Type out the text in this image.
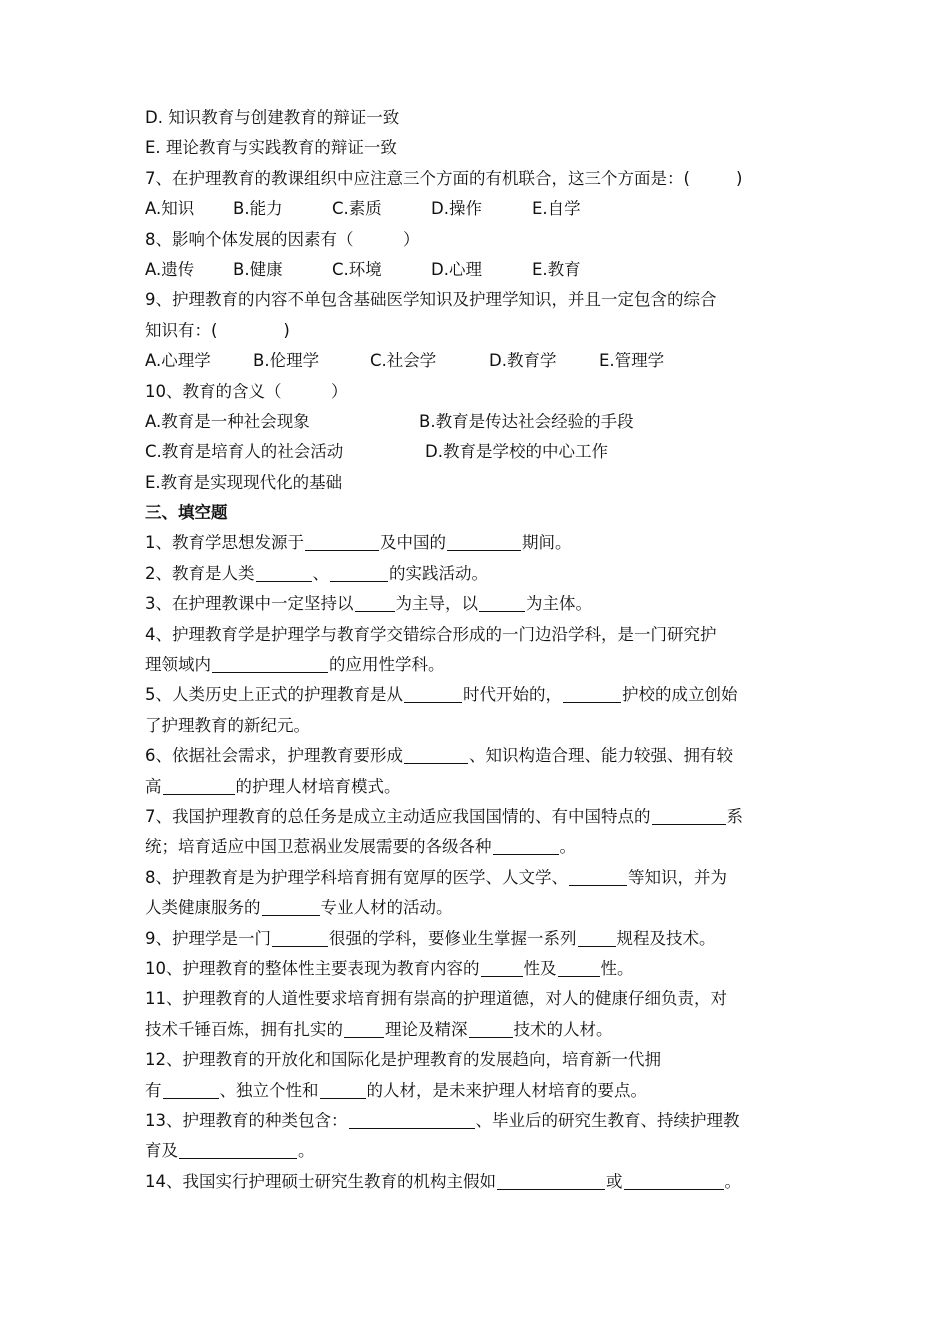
D. 知识教育与创建教育的辩证一致
E. 理论教育与实践教育的辩证一致
7、在护理教育的教课组织中应注意三个方面的有机联合，这三个方面是：(	)
A.知识 B.能力	C.素质	D.操作	E.自学
8、影响个体发展的因素有（　　　）
A.遗传 B.健康	C.环境	D.心理	E.教育
9、护理教育的内容不单包含基础医学知识及护理学知识，并且一定包含的综合
知识有：(　　　　)
A.心理学	B.伦理学	C.社会学	D.教育学	E.管理学
10、教育的含义（　　　）
A.教育是一种社会现象	B.教育是传达社会经验的手段
C.教育是培育人的社会活动	D.教育是学校的中心工作
E.教育是实现现代化的基础
三、填空题
1、教育学思想发源于	及中国的	期间。
2、教育是人类	、	的实践活动。
3、在护理教课中一定坚持以	为主导，以	为主体。
4、护理教育学是护理学与教育学交错综合形成的一门边沿学科，是一门研究护
理领域内	的应用性学科。
5、人类历史上正式的护理教育是从	时代开始的，	护校的成立创始
了护理教育的新纪元。
6、依据社会需求，护理教育要形成	、知识构造合理、能力较强、拥有较
高	的护理人材培育模式。
7、我国护理教育的总任务是成立主动适应我国国情的、有中国特点的	系
统；培育适应中国卫惹祸业发展需要的各级各种	。
8、护理教育是为护理学科培育拥有宽厚的医学、人文学、	等知识，并为
人类健康服务的	专业人材的活动。
9、护理学是一门	很强的学科，要修业生掌握一系列 规程及技术。
10、护理教育的整体性主要表现为教育内容的	性及	性。
11、护理教育的人道性要求培育拥有崇高的护理道德，对人的健康仔细负责，对
技术千锤百炼，拥有扎实的	理论及精深	技术的人材。
12、护理教育的开放化和国际化是护理教育的发展趋向，培育新一代拥
有	、独立个性和	的人材，是未来护理人材培育的要点。
13、护理教育的种类包含：	、毕业后的研究生教育、持续护理教
育及	。
14、我国实行护理硕士研究生教育的机构主假如	或	。
